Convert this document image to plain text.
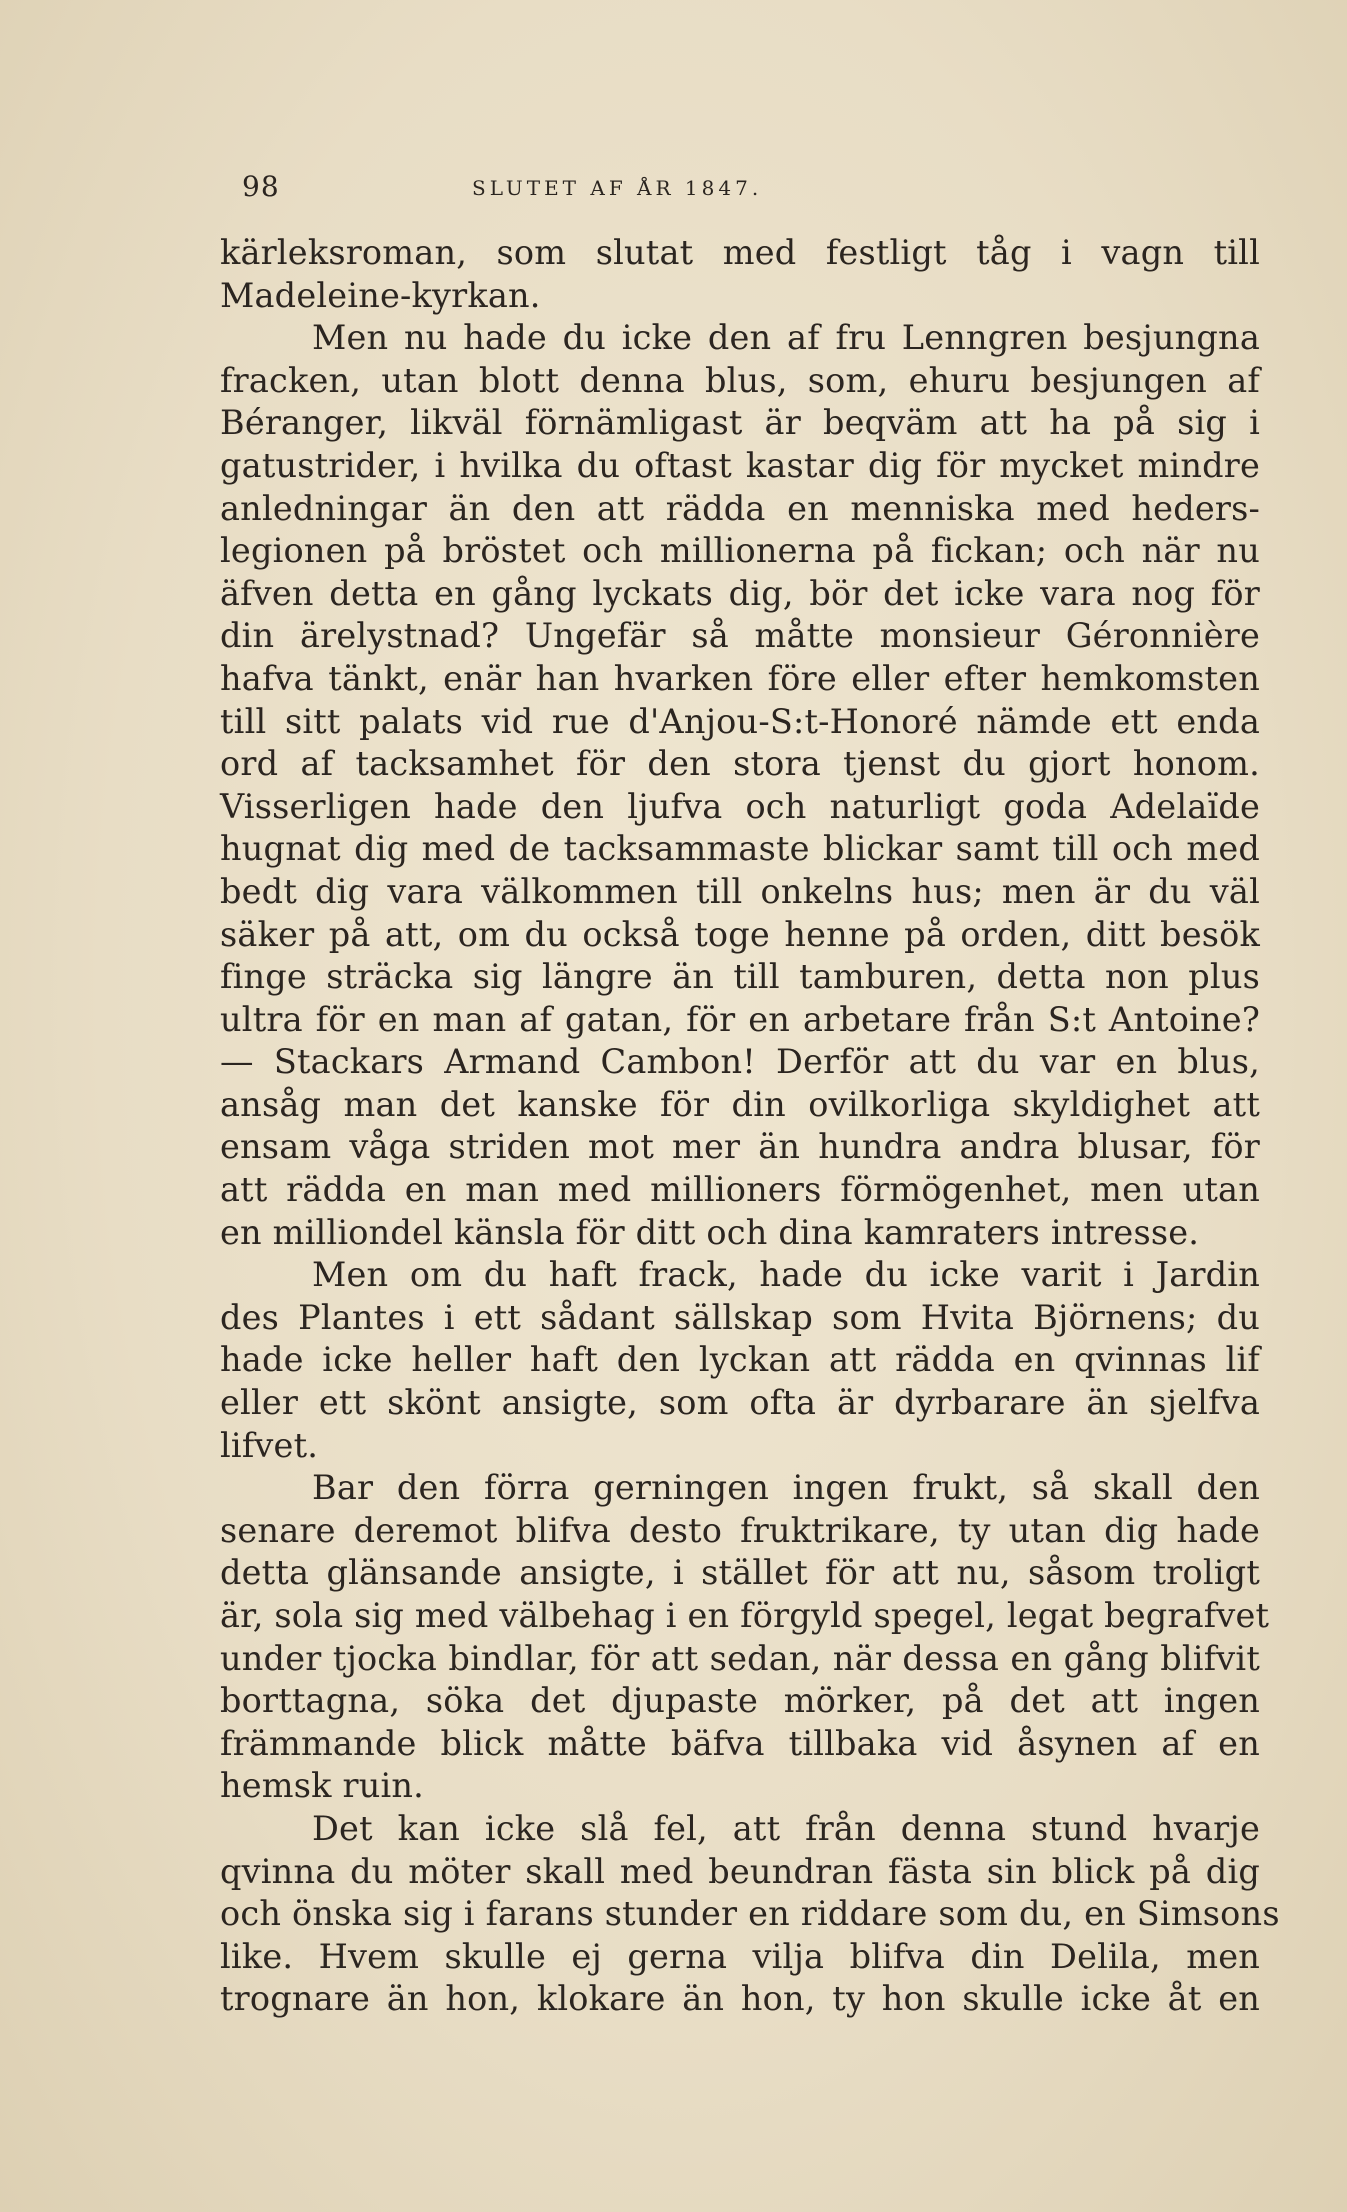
98	SLUTET AF ÅR 1847.
kärleksroman, som slutat med festligt tåg i vagn till
Madeleine-kyrkan.
Men nu hade du icke den af fru Lenngren besjungna
fracken, utan blott denna blus, som, ehuru besjungen af
Béranger, likväl förnämligast är beqväm att ha på sig i
gatustrider, i hvilka du oftast kastar dig för mycket mindre
anledningar än den att rädda en menniska med heders-
legionen på bröstet och millionerna på fickan; och när nu
äfven detta en gång lyckats dig, bör det icke vara nog för
din ärelystnad? Ungefär så måtte monsieur Géronnière
hafva tänkt, enär han hvarken före eller efter hemkomsten
till sitt palats vid rue d'Anjou-S:t-Honoré nämde ett enda
ord af tacksamhet för den stora tjenst du gjort honom.
Visserligen hade den ljufva och naturligt goda Adelaïde
hugnat dig med de tacksammaste blickar samt till och med
bedt dig vara välkommen till onkelns hus; men är du väl
säker på att, om du också toge henne på orden, ditt besök
finge sträcka sig längre än till tamburen, detta non plus
ultra för en man af gatan, för en arbetare från S:t Antoine?
— Stackars Armand Cambon! Derför att du var en blus,
ansåg man det kanske för din ovilkorliga skyldighet att
ensam våga striden mot mer än hundra andra blusar, för
att rädda en man med millioners förmögenhet, men utan
en milliondel känsla för ditt och dina kamraters intresse.
Men om du haft frack, hade du icke varit i Jardin
des Plantes i ett sådant sällskap som Hvita Björnens; du
hade icke heller haft den lyckan att rädda en qvinnas lif
eller ett skönt ansigte, som ofta är dyrbarare än sjelfva
lifvet.
Bar den förra gerningen ingen frukt, så skall den
senare deremot blifva desto fruktrikare, ty utan dig hade
detta glänsande ansigte, i stället för att nu, såsom troligt
är, sola sig med välbehag i en förgyld spegel, legat begrafvet
under tjocka bindlar, för att sedan, när dessa en gång blifvit
borttagna, söka det djupaste mörker, på det att ingen
främmande blick måtte bäfva tillbaka vid åsynen af en
hemsk ruin.
Det kan icke slå fel, att från denna stund hvarje
qvinna du möter skall med beundran fästa sin blick på dig
och önska sig i farans stunder en riddare som du, en Simsons
like. Hvem skulle ej gerna vilja blifva din Delila, men
trognare än hon, klokare än hon, ty hon skulle icke åt en
